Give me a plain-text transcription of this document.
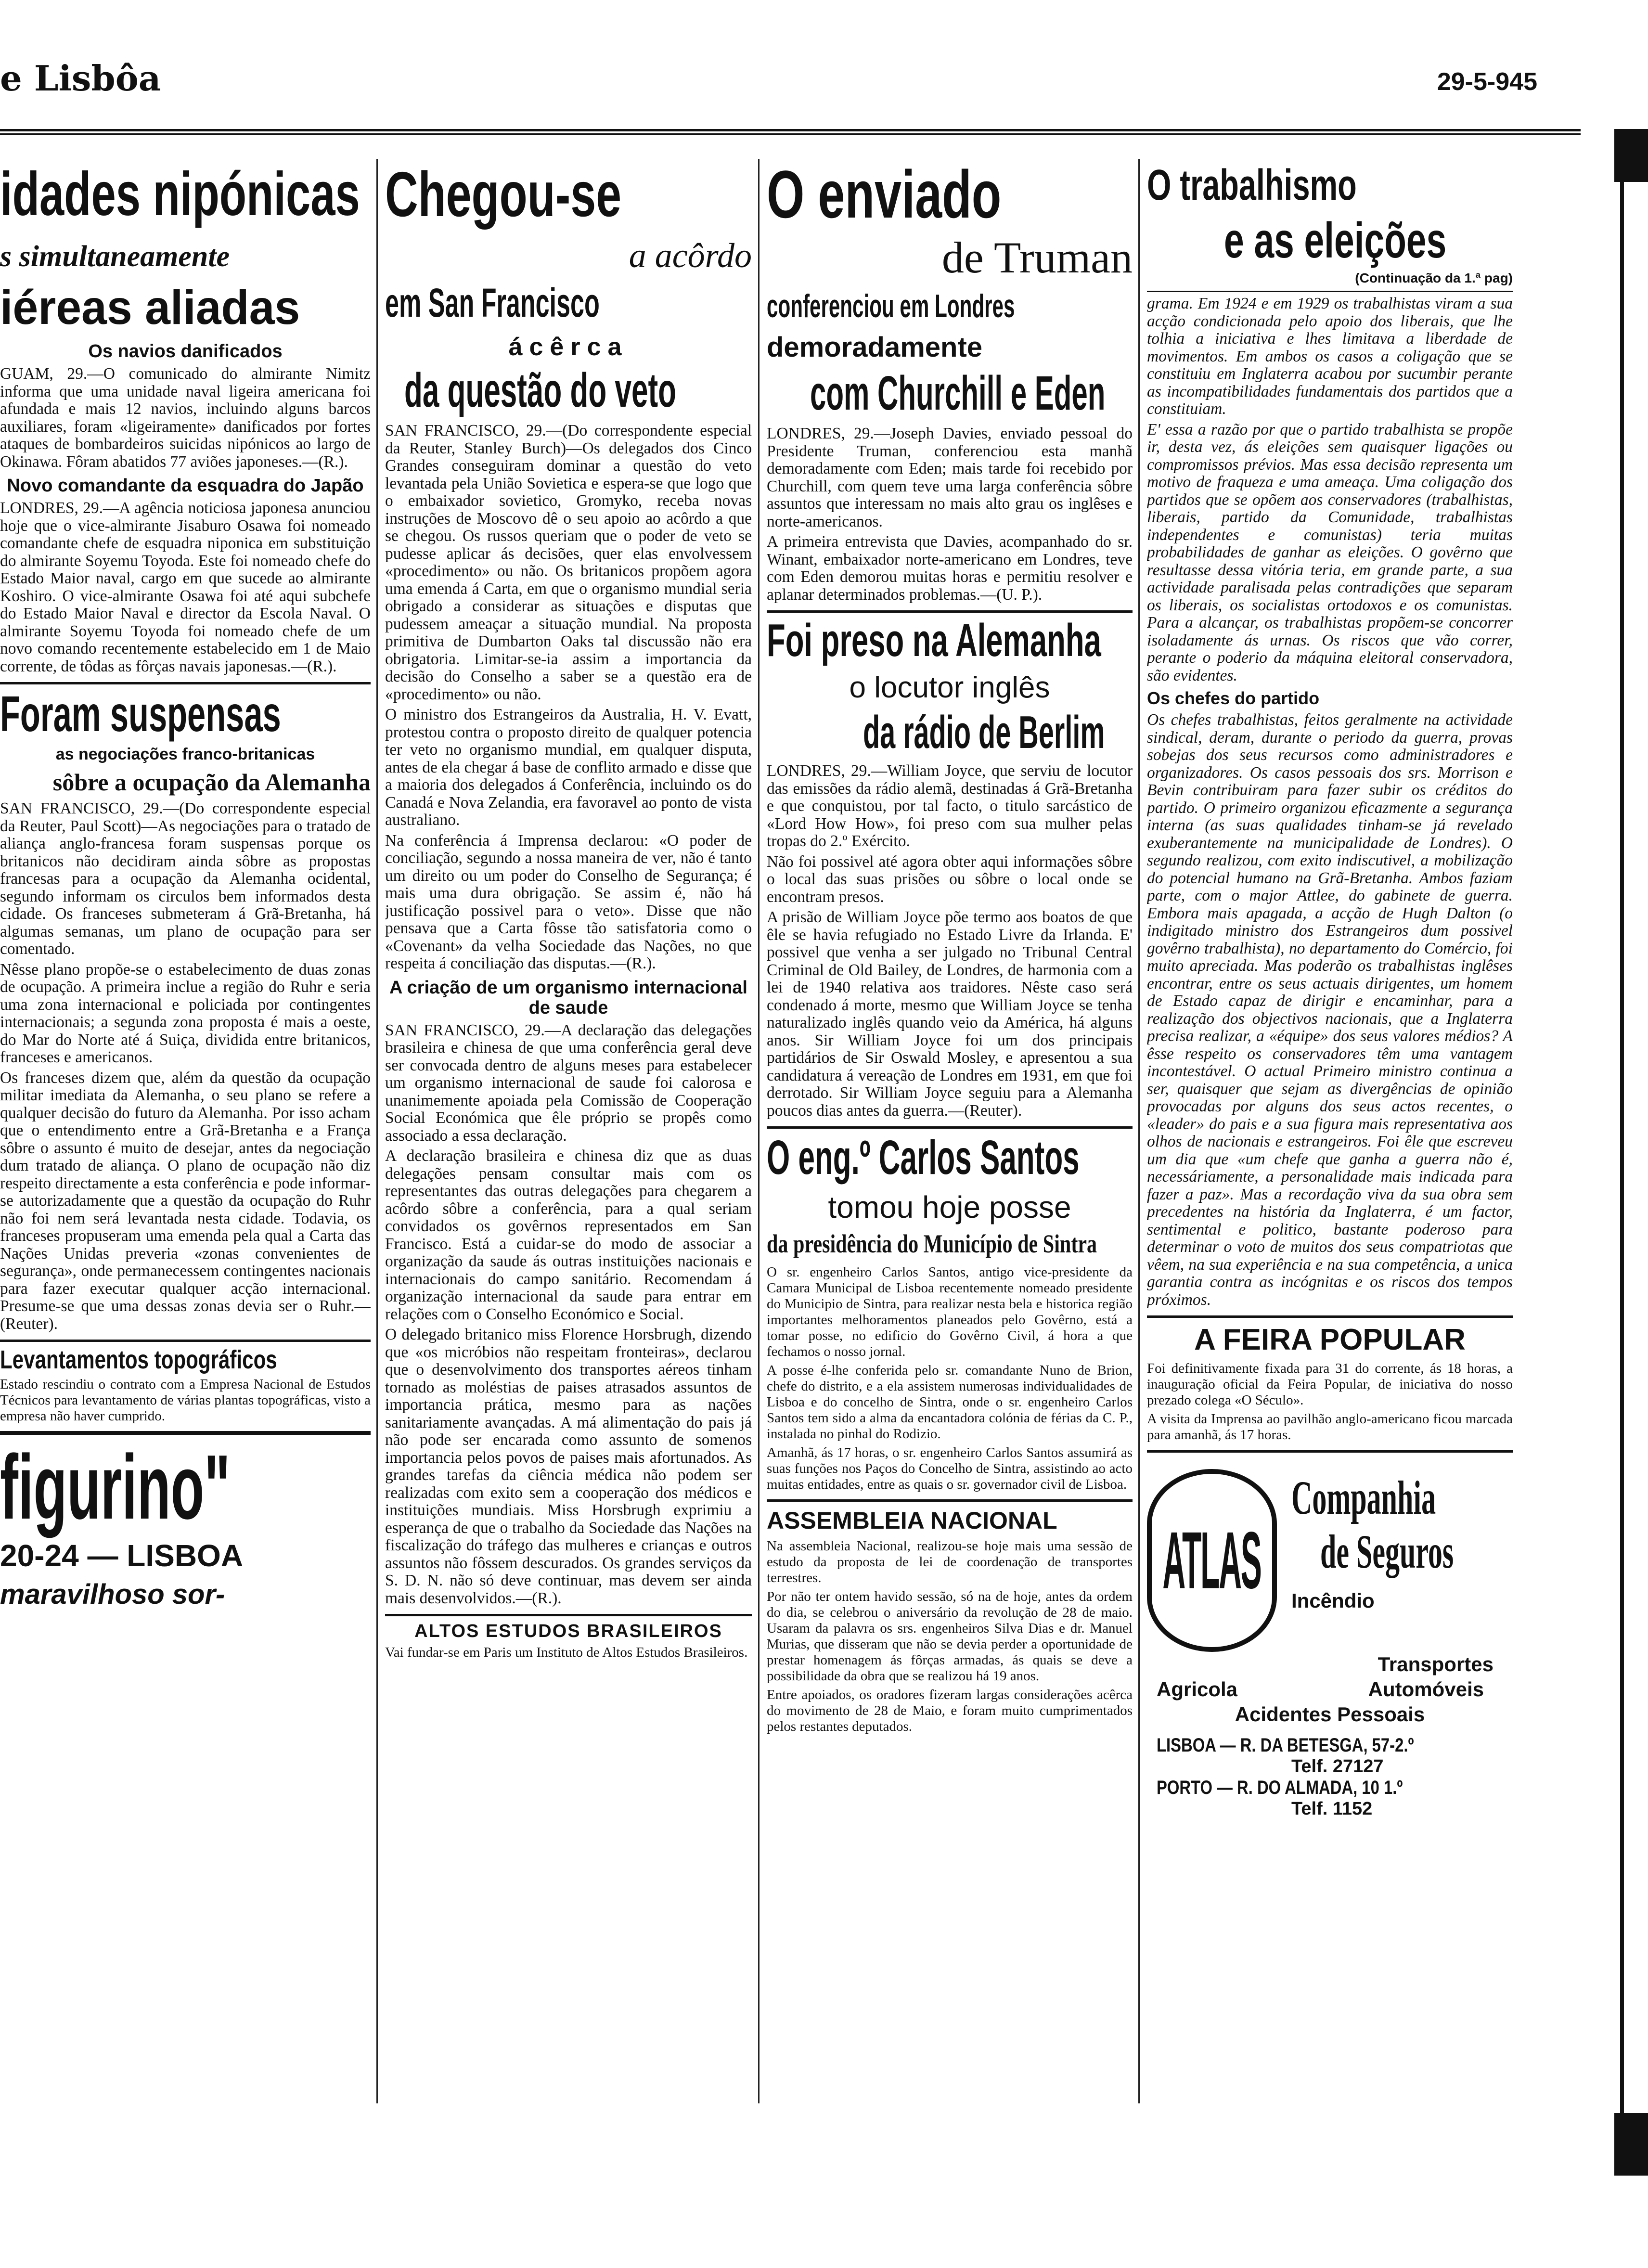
e Lisbôa	29-5-945
idades nipónicas
s simultaneamente
iéreas aliadas
Os navios danificados

GUAM, 29.—O comunicado do almirante Nimitz informa que uma unidade naval ligeira americana foi afundada e mais 12 navios, incluindo alguns barcos auxiliares, foram «ligeiramente» danificados por fortes ataques de bombardeiros suicidas nipónicos ao largo de Okinawa. Fôram abatidos 77 aviões japoneses.—(R.).

Novo comandante da esquadra do Japão

LONDRES, 29.—A agência noticiosa japonesa anunciou hoje que o vice-almirante Jisaburo Osawa foi nomeado comandante chefe de esquadra niponica em substituição do almirante Soyemu Toyoda. Este foi nomeado chefe do Estado Maior naval, cargo em que sucede ao almirante Koshiro. O vice-almirante Osawa foi até aqui subchefe do Estado Maior Naval e director da Escola Naval. O almirante Soyemu Toyoda foi nomeado chefe de um novo comando recentemente estabelecido em 1 de Maio corrente, de tôdas as fôrças navais japonesas.—(R.).

Foram suspensas
as negociações franco-britanicas
sôbre a ocupação da Alemanha

SAN FRANCISCO, 29.—(Do correspondente especial da Reuter, Paul Scott)—As negociações para o tratado de aliança anglo-francesa foram suspensas porque os britanicos não decidiram ainda sôbre as propostas francesas para a ocupação da Alemanha ocidental, segundo informam os circulos bem informados desta cidade. Os franceses submeteram á Grã-Bretanha, há algumas semanas, um plano de ocupação para ser comentado.

Nêsse plano propõe-se o estabelecimento de duas zonas de ocupação. A primeira inclue a região do Ruhr e seria uma zona internacional e policiada por contingentes internacionais; a segunda zona proposta é mais a oeste, do Mar do Norte até á Suiça, dividida entre britanicos, franceses e americanos.

Os franceses dizem que, além da questão da ocupação militar imediata da Alemanha, o seu plano se refere a qualquer decisão do futuro da Alemanha. Por isso acham que o entendimento entre a Grã-Bretanha e a França sôbre o assunto é muito de desejar, antes da negociação dum tratado de aliança. O plano de ocupação não diz respeito directamente a esta conferência e pode informar-se autorizadamente que a questão da ocupação do Ruhr não foi nem será levantada nesta cidade. Todavia, os franceses propuseram uma emenda pela qual a Carta das Nações Unidas preveria «zonas convenientes de segurança», onde permanecessem contingentes nacionais para fazer executar qualquer acção internacional. Presume-se que uma dessas zonas devia ser o Ruhr.—(Reuter).

Levantamentos topográficos

Estado rescindiu o contrato com a Empresa Nacional de Estudos Técnicos para levantamento de várias plantas topográficas, visto a empresa não haver cumprido.

figurino"
20-24 — LISBOA
maravilhoso sor-
Chegou-se
a acôrdo
em San Francisco
ácêrca
da questão do veto

SAN FRANCISCO, 29.—(Do correspondente especial da Reuter, Stanley Burch)—Os delegados dos Cinco Grandes conseguiram dominar a questão do veto levantada pela União Sovietica e espera-se que logo que o embaixador sovietico, Gromyko, receba novas instruções de Moscovo dê o seu apoio ao acôrdo a que se chegou. Os russos queriam que o poder de veto se pudesse aplicar ás decisões, quer elas envolvessem «procedimento» ou não. Os britanicos propõem agora uma emenda á Carta, em que o organismo mundial seria obrigado a considerar as situações e disputas que pudessem ameaçar a situação mundial. Na proposta primitiva de Dumbarton Oaks tal discussão não era obrigatoria. Limitar-se-ia assim a importancia da decisão do Conselho a saber se a questão era de «procedimento» ou não.

O ministro dos Estrangeiros da Australia, H. V. Evatt, protestou contra o proposto direito de qualquer potencia ter veto no organismo mundial, em qualquer disputa, antes de ela chegar á base de conflito armado e disse que a maioria dos delegados á Conferência, incluindo os do Canadá e Nova Zelandia, era favoravel ao ponto de vista australiano.

Na conferência á Imprensa declarou: «O poder de conciliação, segundo a nossa maneira de ver, não é tanto um direito ou um poder do Conselho de Segurança; é mais uma dura obrigação. Se assim é, não há justificação possivel para o veto». Disse que não pensava que a Carta fôsse tão satisfatoria como o «Covenant» da velha Sociedade das Nações, no que respeita á conciliação das disputas.—(R.).

A criação de um organismo internacional de saude

SAN FRANCISCO, 29.—A declaração das delegações brasileira e chinesa de que uma conferência geral deve ser convocada dentro de alguns meses para estabelecer um organismo internacional de saude foi calorosa e unanimemente apoiada pela Comissão de Cooperação Social Económica que êle próprio se propês como associado a essa declaração.

A declaração brasileira e chinesa diz que as duas delegações pensam consultar mais com os representantes das outras delegações para chegarem a acôrdo sôbre a conferência, para a qual seriam convidados os govêrnos representados em San Francisco. Está a cuidar-se do modo de associar a organização da saude ás outras instituições nacionais e internacionais do campo sanitário. Recomendam á organização internacional da saude para entrar em relações com o Conselho Económico e Social.

O delegado britanico miss Florence Horsbrugh, dizendo que «os micróbios não respeitam fronteiras», declarou que o desenvolvimento dos transportes aéreos tinham tornado as moléstias de paises atrasados assuntos de importancia prática, mesmo para as nações sanitariamente avançadas. A má alimentação do pais já não pode ser encarada como assunto de somenos importancia pelos povos de paises mais afortunados. As grandes tarefas da ciência médica não podem ser realizadas com exito sem a cooperação dos médicos e instituições mundiais. Miss Horsbrugh exprimiu a esperança de que o trabalho da Sociedade das Nações na fiscalização do tráfego das mulheres e crianças e outros assuntos não fôssem descurados. Os grandes serviços da S. D. N. não só deve continuar, mas devem ser ainda mais desenvolvidos.—(R.).

ALTOS ESTUDOS BRASILEIROS

Vai fundar-se em Paris um Instituto de Altos Estudos Brasileiros.

O enviado
de Truman
conferenciou em Londres
demoradamente
com Churchill e Eden

LONDRES, 29.—Joseph Davies, enviado pessoal do Presidente Truman, conferenciou esta manhã demoradamente com Eden; mais tarde foi recebido por Churchill, com quem teve uma larga conferência sôbre assuntos que interessam no mais alto grau os inglêses e norte-americanos.

A primeira entrevista que Davies, acompanhado do sr. Winant, embaixador norte-americano em Londres, teve com Eden demorou muitas horas e permitiu resolver e aplanar determinados problemas.—(U. P.).

Foi preso na Alemanha
o locutor inglês
da rádio de Berlim

LONDRES, 29.—William Joyce, que serviu de locutor das emissões da rádio alemã, destinadas á Grã-Bretanha e que conquistou, por tal facto, o titulo sarcástico de «Lord How How», foi preso com sua mulher pelas tropas do 2.º Exército.

Não foi possivel até agora obter aqui informações sôbre o local das suas prisões ou sôbre o local onde se encontram presos.

A prisão de William Joyce põe termo aos boatos de que êle se havia refugiado no Estado Livre da Irlanda. E' possivel que venha a ser julgado no Tribunal Central Criminal de Old Bailey, de Londres, de harmonia com a lei de 1940 relativa aos traidores. Nêste caso será condenado á morte, mesmo que William Joyce se tenha naturalizado inglês quando veio da América, há alguns anos. Sir William Joyce foi um dos principais partidários de Sir Oswald Mosley, e apresentou a sua candidatura á vereação de Londres em 1931, em que foi derrotado. Sir William Joyce seguiu para a Alemanha poucos dias antes da guerra.—(Reuter).

O eng.º Carlos Santos
tomou hoje posse
da presidência do Município de Sintra

O sr. engenheiro Carlos Santos, antigo vice-presidente da Camara Municipal de Lisboa recentemente nomeado presidente do Municipio de Sintra, para realizar nesta bela e historica região importantes melhoramentos planeados pelo Govêrno, está a tomar posse, no edificio do Govêrno Civil, á hora a que fechamos o nosso jornal.

A posse é-lhe conferida pelo sr. comandante Nuno de Brion, chefe do distrito, e a ela assistem numerosas individualidades de Lisboa e do concelho de Sintra, onde o sr. engenheiro Carlos Santos tem sido a alma da encantadora colónia de férias da C. P., instalada no pinhal do Rodizio.

Amanhã, ás 17 horas, o sr. engenheiro Carlos Santos assumirá as suas funções nos Paços do Concelho de Sintra, assistindo ao acto muitas entidades, entre as quais o sr. governador civil de Lisboa.

ASSEMBLEIA NACIONAL

Na assembleia Nacional, realizou-se hoje mais uma sessão de estudo da proposta de lei de coordenação de transportes terrestres.

Por não ter ontem havido sessão, só na de hoje, antes da ordem do dia, se celebrou o aniversário da revolução de 28 de maio. Usaram da palavra os srs. engenheiros Silva Dias e dr. Manuel Murias, que disseram que não se devia perder a oportunidade de prestar homenagem ás fôrças armadas, ás quais se deve a possibilidade da obra que se realizou há 19 anos.

Entre apoiados, os oradores fizeram largas considerações acêrca do movimento de 28 de Maio, e foram muito cumprimentados pelos restantes deputados.

O trabalhismo
e as eleições
(Continuação da 1.ª pag)

grama. Em 1924 e em 1929 os trabalhistas viram a sua acção condicionada pelo apoio dos liberais, que lhe tolhia a iniciativa e lhes limitava a liberdade de movimentos. Em ambos os casos a coligação que se constituiu em Inglaterra acabou por sucumbir perante as incompatibilidades fundamentais dos partidos que a constituiam.

E' essa a razão por que o partido trabalhista se propõe ir, desta vez, ás eleições sem quaisquer ligações ou compromissos prévios. Mas essa decisão representa um motivo de fraqueza e uma ameaça. Uma coligação dos partidos que se opõem aos conservadores (trabalhistas, liberais, partido da Comunidade, trabalhistas independentes e comunistas) teria muitas probabilidades de ganhar as eleições. O govêrno que resultasse dessa vitória teria, em grande parte, a sua actividade paralisada pelas contradições que separam os liberais, os socialistas ortodoxos e os comunistas. Para a alcançar, os trabalhistas propõem-se concorrer isoladamente ás urnas. Os riscos que vão correr, perante o poderio da máquina eleitoral conservadora, são evidentes.

Os chefes do partido

Os chefes trabalhistas, feitos geralmente na actividade sindical, deram, durante o periodo da guerra, provas sobejas dos seus recursos como administradores e organizadores. Os casos pessoais dos srs. Morrison e Bevin contribuiram para fazer subir os créditos do partido. O primeiro organizou eficazmente a segurança interna (as suas qualidades tinham-se já revelado exuberantemente na municipalidade de Londres). O segundo realizou, com exito indiscutivel, a mobilização do potencial humano na Grã-Bretanha. Ambos faziam parte, com o major Attlee, do gabinete de guerra. Embora mais apagada, a acção de Hugh Dalton (o indigitado ministro dos Estrangeiros dum possivel govêrno trabalhista), no departamento do Comércio, foi muito apreciada. Mas poderão os trabalhistas inglêses encontrar, entre os seus actuais dirigentes, um homem de Estado capaz de dirigir e encaminhar, para a realização dos objectivos nacionais, que a Inglaterra precisa realizar, a «équipe» dos seus valores médios? A êsse respeito os conservadores têm uma vantagem incontestável. O actual Primeiro ministro continua a ser, quaisquer que sejam as divergências de opinião provocadas por alguns dos seus actos recentes, o «leader» do pais e a sua figura mais representativa aos olhos de nacionais e estrangeiros. Foi êle que escreveu um dia que «um chefe que ganha a guerra não é, necessáriamente, a personalidade mais indicada para fazer a paz». Mas a recordação viva da sua obra sem precedentes na história da Inglaterra, é um factor, sentimental e politico, bastante poderoso para determinar o voto de muitos dos seus compatriotas que vêem, na sua experiência e na sua competência, a unica garantia contra as incógnitas e os riscos dos tempos próximos.

A FEIRA POPULAR

Foi definitivamente fixada para 31 do corrente, ás 18 horas, a inauguração oficial da Feira Popular, de iniciativa do nosso prezado colega «O Século».

A visita da Imprensa ao pavilhão anglo-americano ficou marcada para amanhã, ás 17 horas.

ATLAS
Companhia
de Seguros
Incêndio
Transportes
Agricola	Automóveis
Acidentes Pessoais
LISBOA — R. DA BETESGA, 57-2.º
Telf. 27127
PORTO — R. DO ALMADA, 10 1.º
Telf. 1152
